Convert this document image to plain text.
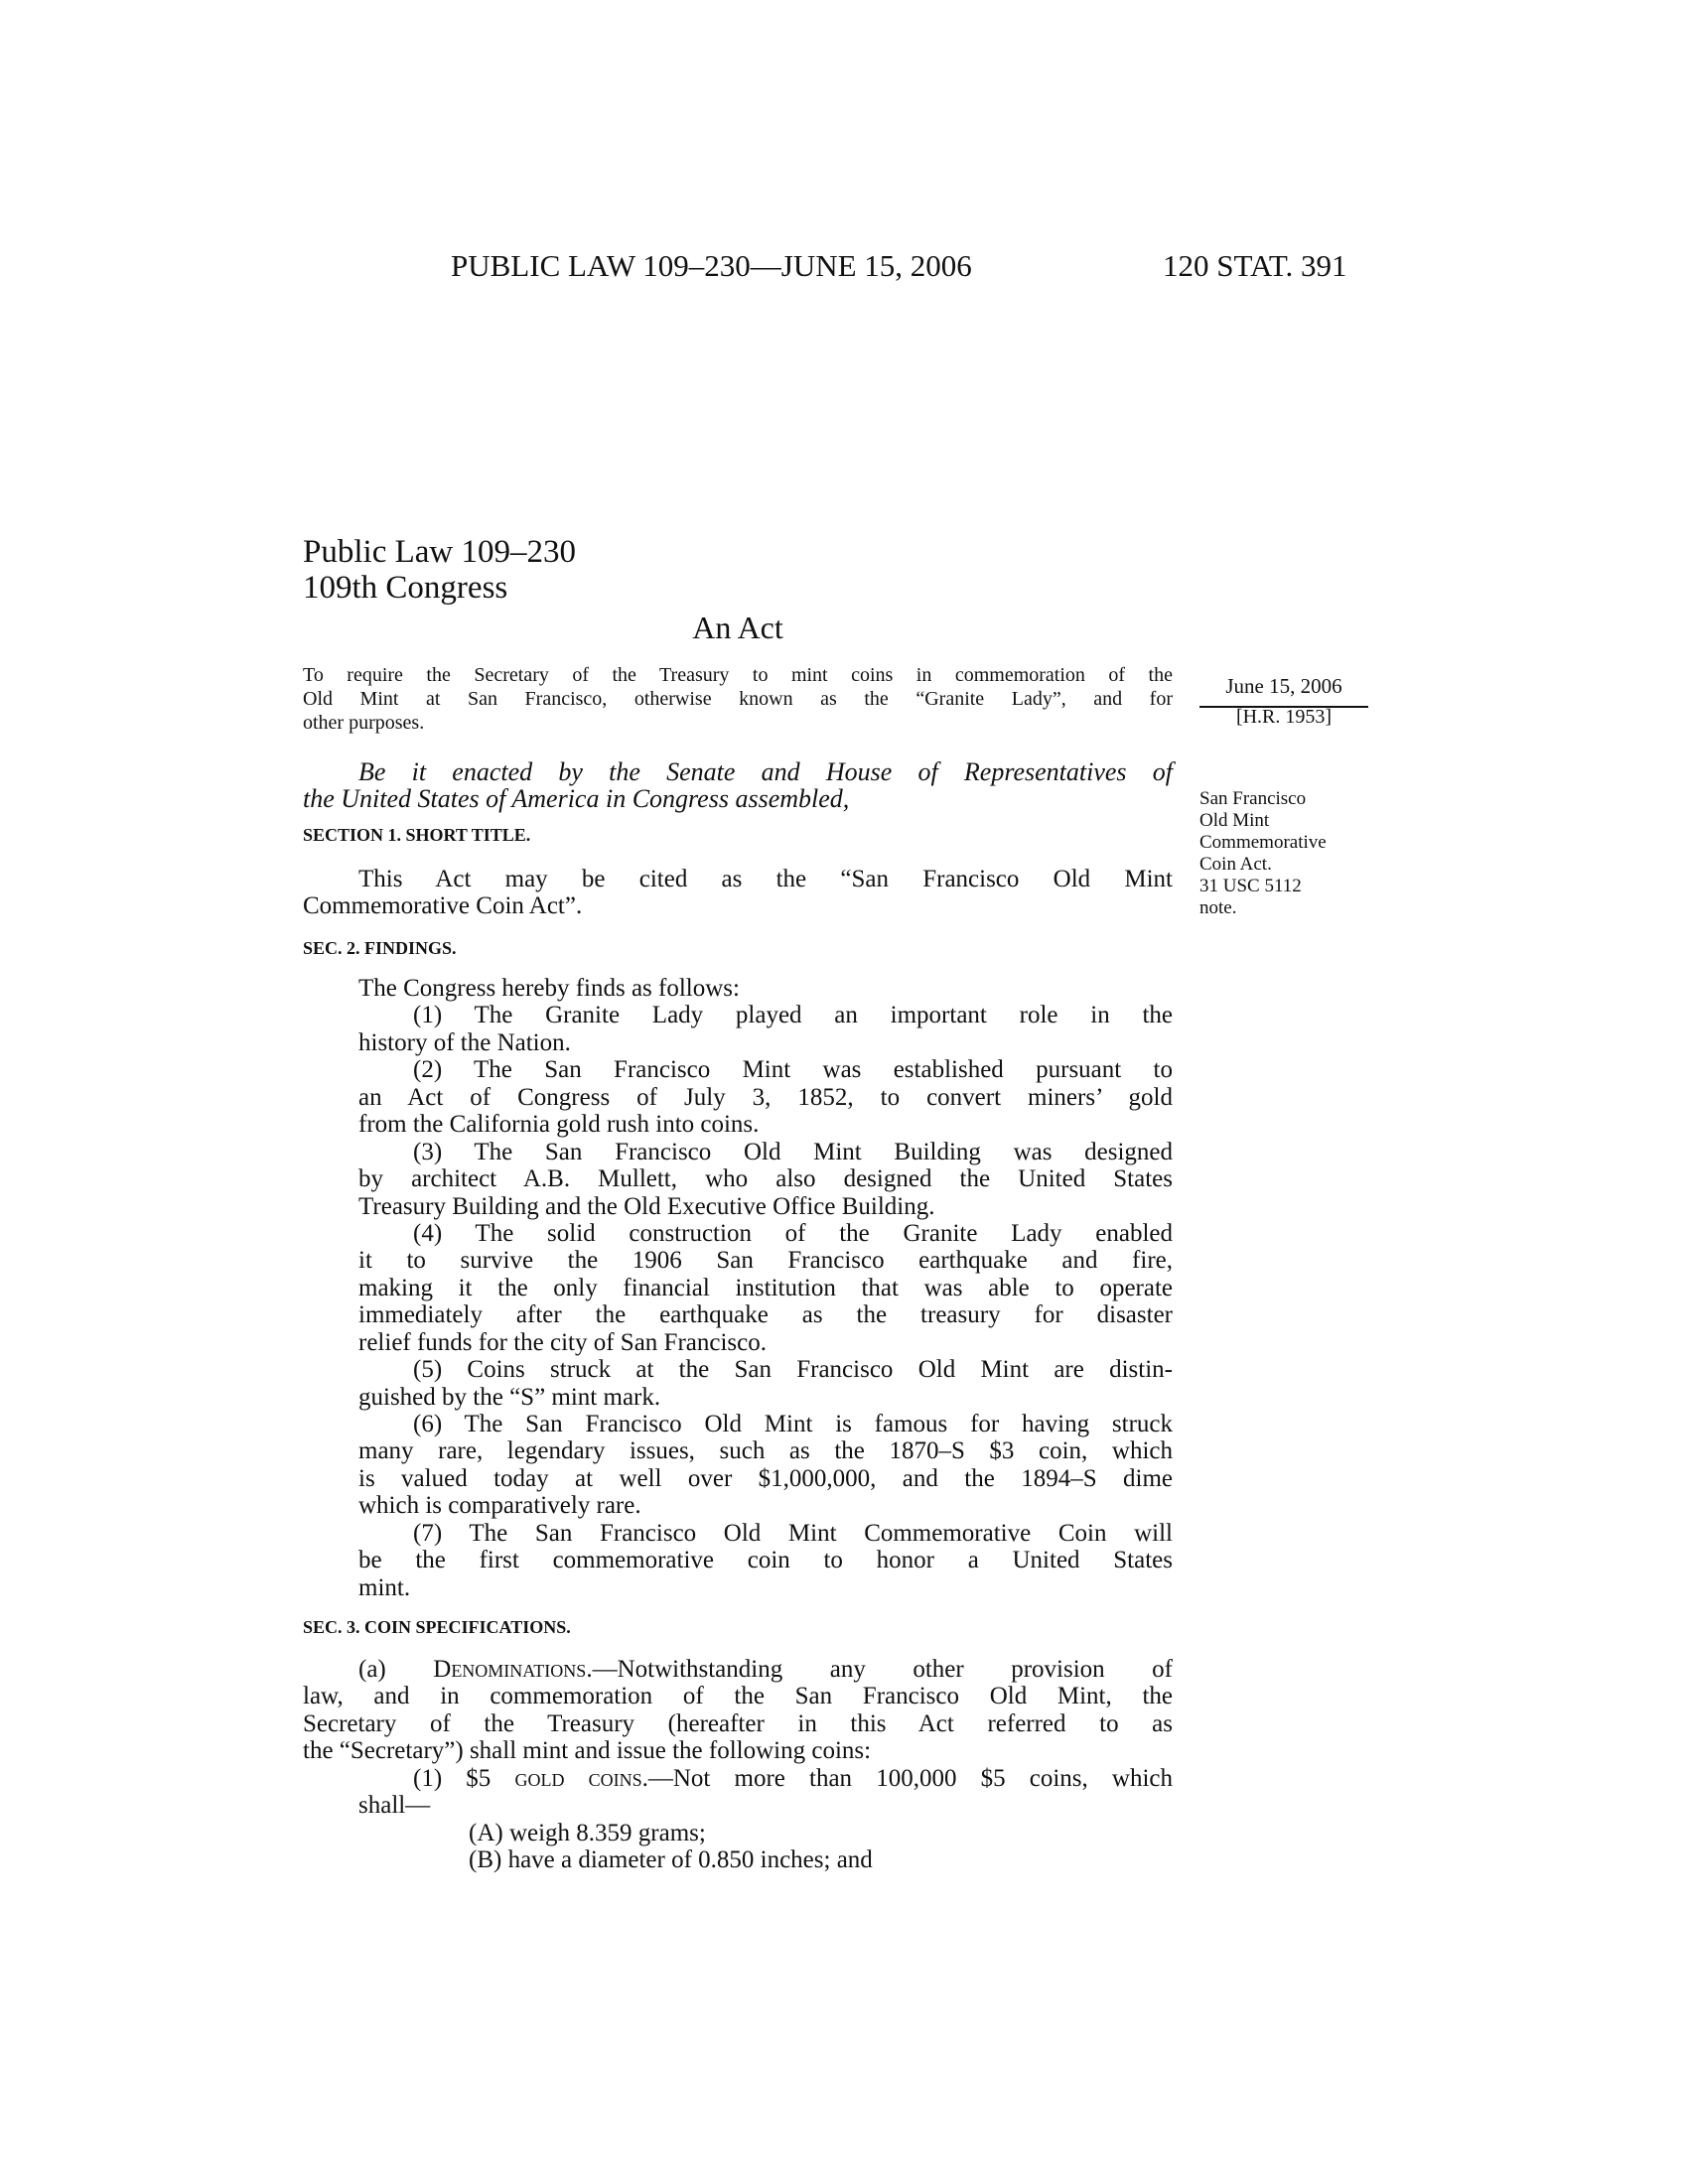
PUBLIC LAW 109–230—JUNE 15, 2006	120 STAT. 391
Public Law 109–230
109th Congress
An Act
To require the Secretary of the Treasury to mint coins in commemoration of the
Old Mint at San Francisco, otherwise known as the “Granite Lady”, and for
other purposes.
June 15, 2006
[H.R. 1953]
San Francisco
Old Mint
Commemorative
Coin Act.
31 USC 5112
note.
Be it enacted by the Senate and House of Representatives of
the United States of America in Congress assembled,
SECTION 1. SHORT TITLE.
This Act may be cited as the “San Francisco Old Mint
Commemorative Coin Act”.
SEC. 2. FINDINGS.
The Congress hereby finds as follows:
(1) The Granite Lady played an important role in the
history of the Nation.
(2) The San Francisco Mint was established pursuant to
an Act of Congress of July 3, 1852, to convert miners’ gold
from the California gold rush into coins.
(3) The San Francisco Old Mint Building was designed
by architect A.B. Mullett, who also designed the United States
Treasury Building and the Old Executive Office Building.
(4) The solid construction of the Granite Lady enabled
it to survive the 1906 San Francisco earthquake and fire,
making it the only financial institution that was able to operate
immediately after the earthquake as the treasury for disaster
relief funds for the city of San Francisco.
(5) Coins struck at the San Francisco Old Mint are distin-
guished by the “S” mint mark.
(6) The San Francisco Old Mint is famous for having struck
many rare, legendary issues, such as the 1870–S $3 coin, which
is valued today at well over $1,000,000, and the 1894–S dime
which is comparatively rare.
(7) The San Francisco Old Mint Commemorative Coin will
be the first commemorative coin to honor a United States
mint.
SEC. 3. COIN SPECIFICATIONS.
(a) Denominations.—Notwithstanding any other provision of
law, and in commemoration of the San Francisco Old Mint, the
Secretary of the Treasury (hereafter in this Act referred to as
the “Secretary”) shall mint and issue the following coins:
(1) $5 gold coins.—Not more than 100,000 $5 coins, which
shall—
(A) weigh 8.359 grams;
(B) have a diameter of 0.850 inches; and
